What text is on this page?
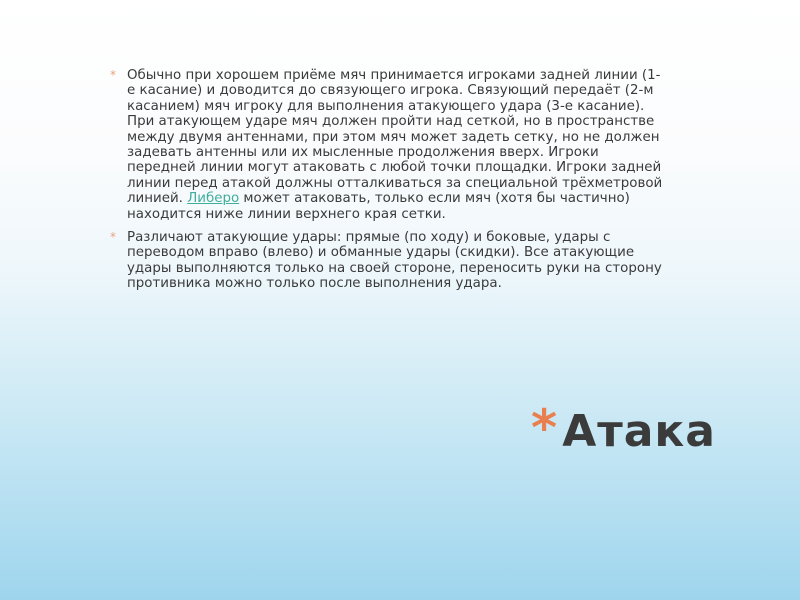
* Обычно при хорошем приёме мяч принимается игроками задней линии (1-е касание) и доводится до связующего игрока. Связующий передаёт (2-м касанием) мяч игроку для выполнения атакующего удара (3-е касание). При атакующем ударе мяч должен пройти над сеткой, но в пространстве между двумя антеннами, при этом мяч может задеть сетку, но не должен задевать антенны или их мысленные продолжения вверх. Игроки передней линии могут атаковать с любой точки площадки. Игроки задней линии перед атакой должны отталкиваться за специальной трёхметровой линией. Либеро может атаковать, только если мяч (хотя бы частично) находится ниже линии верхнего края сетки.

* Различают атакующие удары: прямые (по ходу) и боковые, удары с переводом вправо (влево) и обманные удары (скидки). Все атакующие удары выполняются только на своей стороне, переносить руки на сторону противника можно только после выполнения удара.

* Атака
